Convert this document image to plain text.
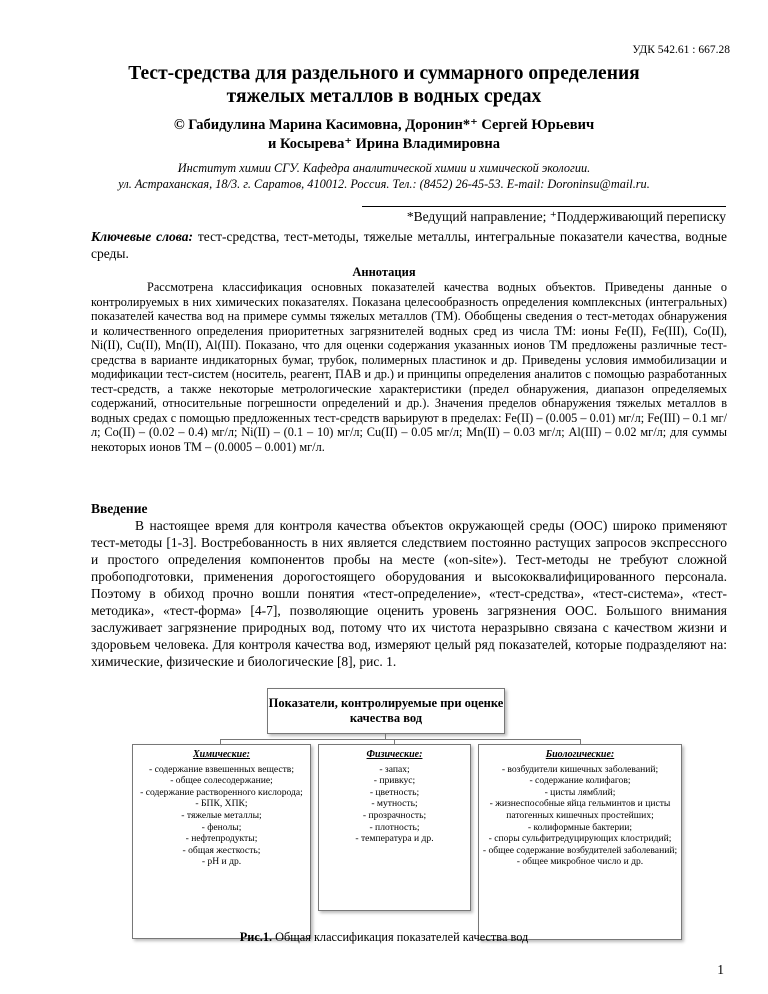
УДК 542.61 : 667.28
Тест-средства для раздельного и суммарного определения
тяжелых металлов в водных средах
© Габидулина Марина Касимовна, Доронин*⁺ Сергей Юрьевич
и Косырева⁺ Ирина Владимировна
Институт химии СГУ. Кафедра аналитической химии и химической экологии.
ул. Астраханская, 18/3. г. Саратов, 410012. Россия. Тел.: (8452) 26-45-53. E-mail: Doroninsu@mail.ru.
*Ведущий направление; ⁺Поддерживающий переписку
Ключевые слова: тест-средства, тест-методы, тяжелые металлы, интегральные показатели качества, водные среды.
Аннотация
Рассмотрена классификация основных показателей качества водных объектов. Приведены данные о контролируемых в них химических показателях. Показана целесообразность определения комплексных (интегральных) показателей качества вод на примере суммы тяжелых металлов (ТМ). Обобщены сведения о тест-методах обнаружения и количественного определения приоритетных загрязнителей водных сред из числа ТМ: ионы Fe(II), Fe(III), Co(II), Ni(II), Cu(II), Mn(II), Al(III). Показано, что для оценки содержания указанных ионов ТМ предложены различные тест-средства в варианте индикаторных бумаг, трубок, полимерных пластинок и др. Приведены условия иммобилизации и модификации тест-систем (носитель, реагент, ПАВ и др.) и принципы определения аналитов с помощью разработанных тест-средств, а также некоторые метрологические характеристики (предел обнаружения, диапазон определяемых содержаний, относительные погрешности определений и др.). Значения пределов обнаружения тяжелых металлов в водных средах с помощью предложенных тест-средств варьируют в пределах: Fe(II) – (0.005 – 0.01) мг/л; Fe(III) – 0.1 мг/л; Co(II) – (0.02 – 0.4) мг/л; Ni(II) – (0.1 – 10) мг/л; Cu(II) – 0.05 мг/л; Mn(II) – 0.03 мг/л; Al(III) – 0.02 мг/л; для суммы некоторых ионов ТМ – (0.0005 – 0.001) мг/л.
Введение
В настоящее время для контроля качества объектов окружающей среды (ООС) широко применяют тест-методы [1-3]. Востребованность в них является следствием постоянно растущих запросов экспрессного и простого определения компонентов пробы на месте («on-site»). Тест-методы не требуют сложной пробоподготовки, применения дорогостоящего оборудования и высококвалифицированного персонала. Поэтому в обиход прочно вошли понятия «тест-определение», «тест-средства», «тест-система», «тест-методика», «тест-форма» [4-7], позволяющие оценить уровень загрязнения ООС. Большого внимания заслуживает загрязнение природных вод, потому что их чистота неразрывно связана с качеством жизни и здоровьем человека. Для контроля качества вод, измеряют целый ряд показателей, которые подразделяют на: химические, физические и биологические [8], рис. 1.
Показатели, контролируемые при оценке качества вод
Химические:
- содержание взвешенных веществ;
- общее солесодержание;
- содержание растворенного кислорода;
- БПК, ХПК;
- тяжелые металлы;
- фенолы;
- нефтепродукты;
- общая жесткость;
- pH и др.
Физические:
- запах;
- привкус;
- цветность;
- мутность;
- прозрачность;
- плотность;
- температура и др.
Биологические:
- возбудители кишечных заболеваний;
- содержание колифагов;
- цисты лямблий;
- жизнеспособные яйца гельминтов и цисты патогенных кишечных простейших;
- колиформные бактерии;
- споры сульфитредуцирующих клостридий;
- общее содержание возбудителей заболеваний;
- общее микробное число и др.
Рис.1. Общая классификация показателей качества вод
1
